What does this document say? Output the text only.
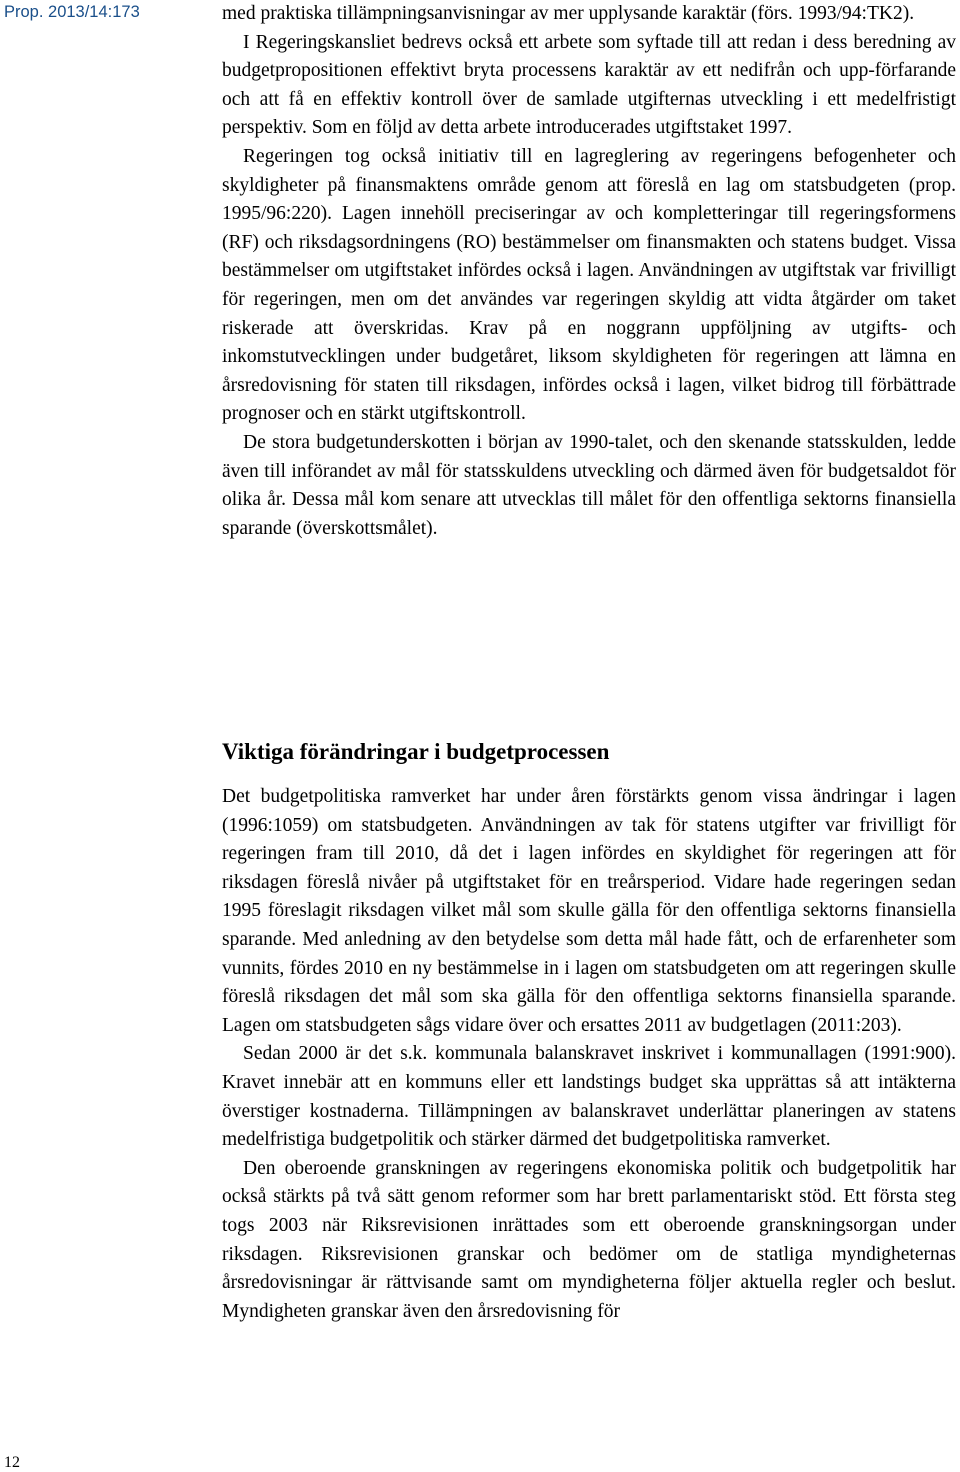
Prop. 2013/14:173	med praktiska tillämpningsanvisningar av mer upplysande karaktär (förs. 1993/94:TK2).

I Regeringskansliet bedrevs också ett arbete som syftade till att redan i dess beredning av budgetpropositionen effektivt bryta processens karaktär av ett nedifrån och upp-förfarande och att få en effektiv kontroll över de samlade utgifternas utveckling i ett medelfristigt perspektiv. Som en följd av detta arbete introducerades utgiftstaket 1997.

Regeringen tog också initiativ till en lagreglering av regeringens befogenheter och skyldigheter på finansmaktens område genom att föreslå en lag om statsbudgeten (prop. 1995/96:220). Lagen innehöll preciseringar av och kompletteringar till regeringsformens (RF) och riksdagsordningens (RO) bestämmelser om finansmakten och statens budget. Vissa bestämmelser om utgiftstaket infördes också i lagen. Användningen av utgiftstak var frivilligt för regeringen, men om det användes var regeringen skyldig att vidta åtgärder om taket riskerade att överskridas. Krav på en noggrann uppföljning av utgifts- och inkomstutvecklingen under budgetåret, liksom skyldigheten för regeringen att lämna en årsredovisning för staten till riksdagen, infördes också i lagen, vilket bidrog till förbättrade prognoser och en stärkt utgiftskontroll.

De stora budgetunderskotten i början av 1990-talet, och den skenande statsskulden, ledde även till införandet av mål för statsskuldens utveckling och därmed även för budgetsaldot för olika år. Dessa mål kom senare att utvecklas till målet för den offentliga sektorns finansiella sparande (överskottsmålet).

Viktiga förändringar i budgetprocessen

Det budgetpolitiska ramverket har under åren förstärkts genom vissa ändringar i lagen (1996:1059) om statsbudgeten. Användningen av tak för statens utgifter var frivilligt för regeringen fram till 2010, då det i lagen infördes en skyldighet för regeringen att för riksdagen föreslå nivåer på utgiftstaket för en treårsperiod. Vidare hade regeringen sedan 1995 föreslagit riksdagen vilket mål som skulle gälla för den offentliga sektorns finansiella sparande. Med anledning av den betydelse som detta mål hade fått, och de erfarenheter som vunnits, fördes 2010 en ny bestämmelse in i lagen om statsbudgeten om att regeringen skulle föreslå riksdagen det mål som ska gälla för den offentliga sektorns finansiella sparande. Lagen om statsbudgeten sågs vidare över och ersattes 2011 av budgetlagen (2011:203).

Sedan 2000 är det s.k. kommunala balanskravet inskrivet i kommunallagen (1991:900). Kravet innebär att en kommuns eller ett landstings budget ska upprättas så att intäkterna överstiger kostnaderna. Tillämpningen av balanskravet underlättar planeringen av statens medelfristiga budgetpolitik och stärker därmed det budgetpolitiska ramverket.

Den oberoende granskningen av regeringens ekonomiska politik och budgetpolitik har också stärkts på två sätt genom reformer som har brett parlamentariskt stöd. Ett första steg togs 2003 när Riksrevisionen inrättades som ett oberoende granskningsorgan under riksdagen. Riksrevisionen granskar och bedömer om de statliga myndigheternas årsredovisningar är rättvisande samt om myndigheterna följer aktuella regler och beslut. Myndigheten granskar även den årsredovisning för

12
